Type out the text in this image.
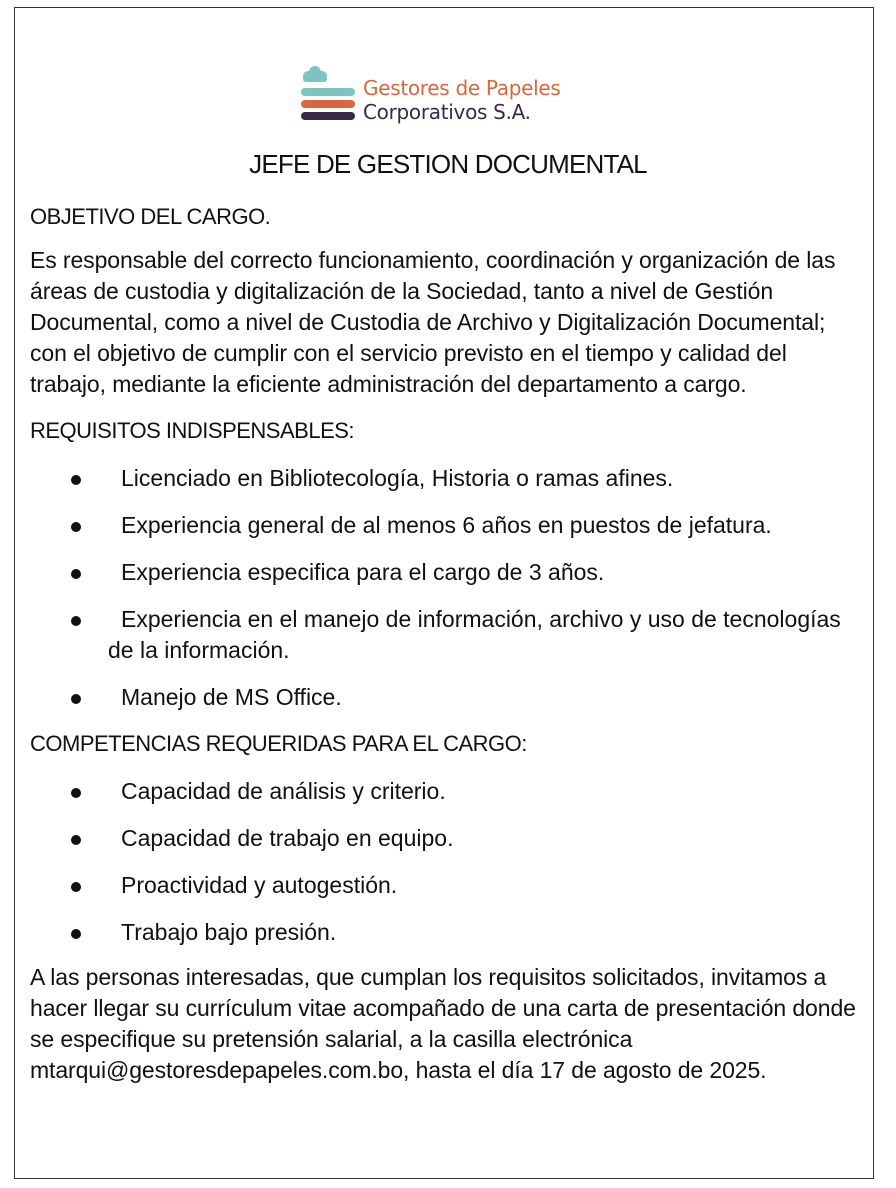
Gestores de Papeles
Corporativos S.A.
JEFE DE GESTION DOCUMENTAL
OBJETIVO DEL CARGO.

Es responsable del correcto funcionamiento, coordinación y organización de las áreas de custodia y digitalización de la Sociedad, tanto a nivel de Gestión Documental, como a nivel de Custodia de Archivo y Digitalización Documental; con el objetivo de cumplir con el servicio previsto en el tiempo y calidad del trabajo, mediante la eficiente administración del departamento a cargo.

REQUISITOS INDISPENSABLES:
Licenciado en Bibliotecología, Historia o ramas afines.
Experiencia general de al menos 6 años en puestos de jefatura.
Experiencia especifica para el cargo de 3 años.
Experiencia en el manejo de información, archivo y uso de tecnologías de la información.
Manejo de MS Office.
COMPETENCIAS REQUERIDAS PARA EL CARGO:
Capacidad de análisis y criterio.
Capacidad de trabajo en equipo.
Proactividad y autogestión.
Trabajo bajo presión.

A las personas interesadas, que cumplan los requisitos solicitados, invitamos a hacer llegar su currículum vitae acompañado de una carta de presentación donde se especifique su pretensión salarial, a la casilla electrónica mtarqui@gestoresdepapeles.com.bo, hasta el día 17 de agosto de 2025.
